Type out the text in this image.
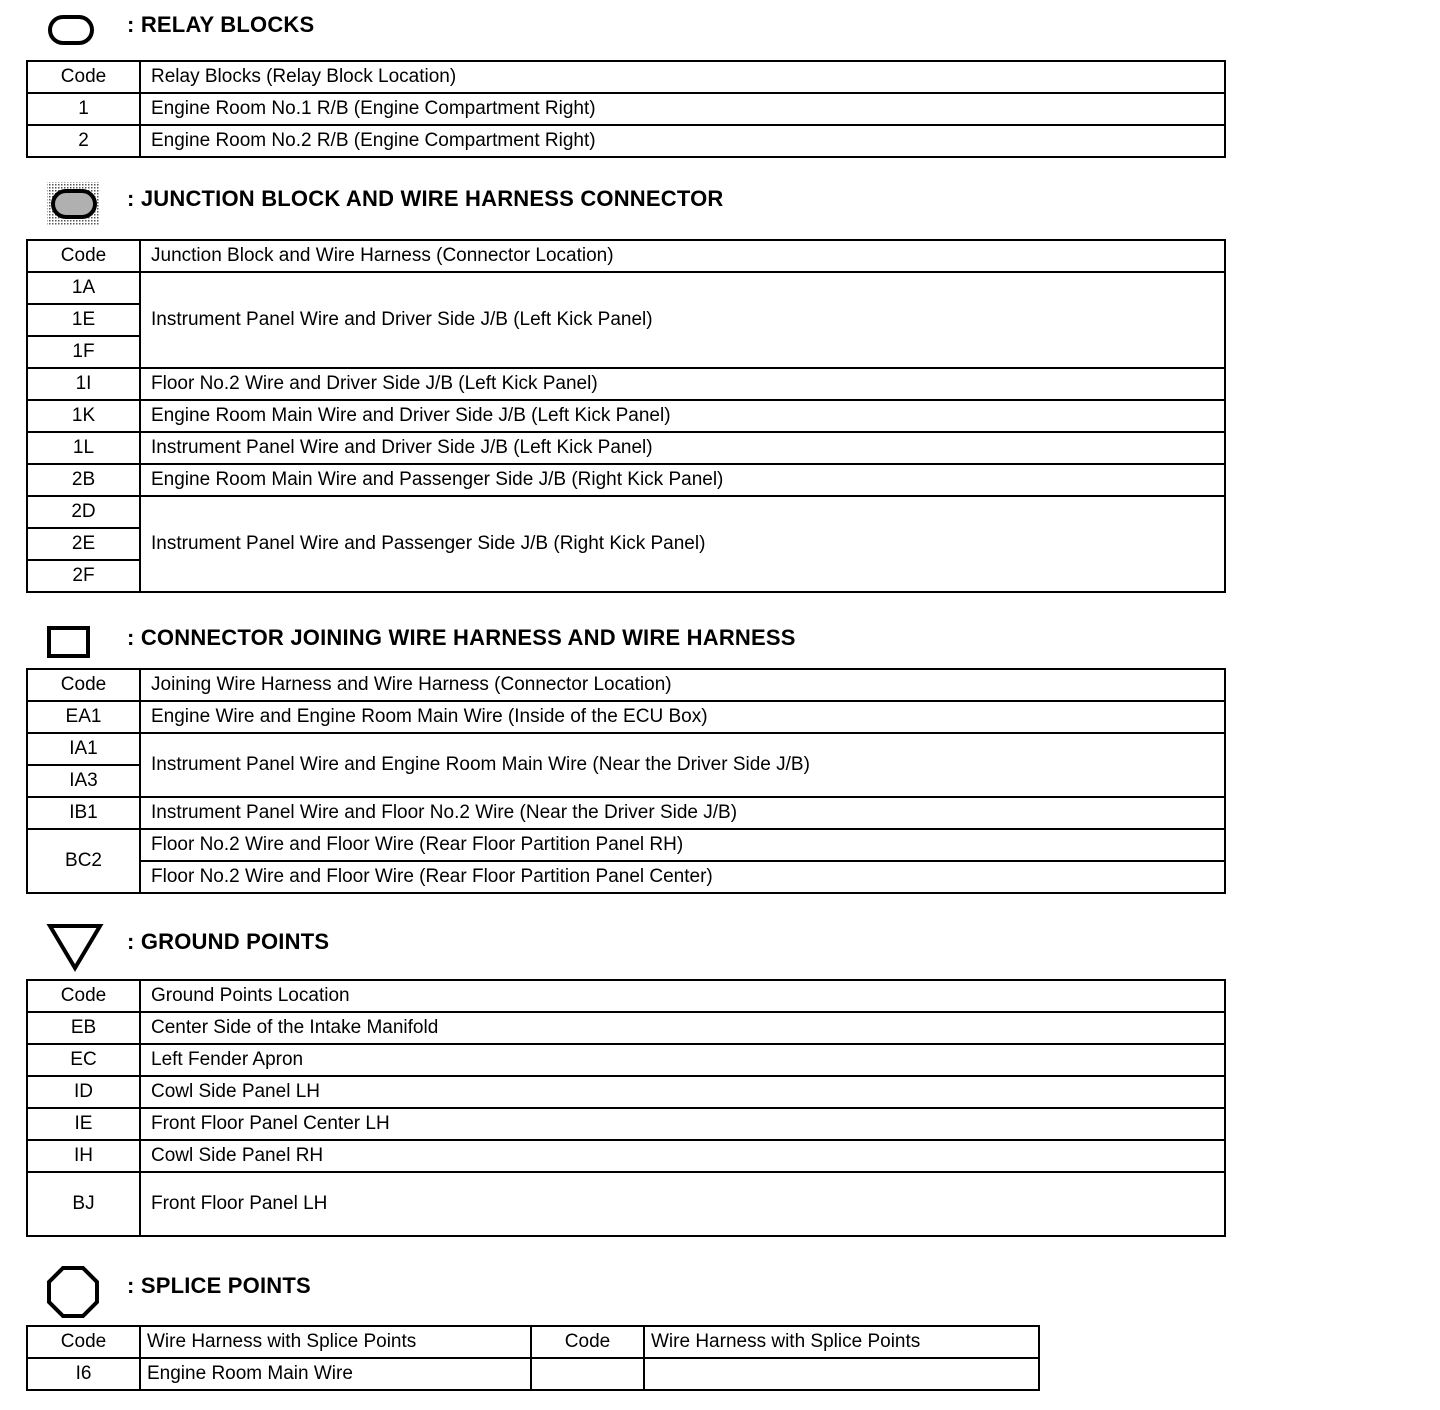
: RELAY BLOCKS
Code	Relay Blocks (Relay Block Location)
1	Engine Room No.1 R/B (Engine Compartment Right)
2	Engine Room No.2 R/B (Engine Compartment Right)
: JUNCTION BLOCK AND WIRE HARNESS CONNECTOR
Code	Junction Block and Wire Harness (Connector Location)
1A	Instrument Panel Wire and Driver Side J/B (Left Kick Panel)
1E	
1F	
1I	Floor No.2 Wire and Driver Side J/B (Left Kick Panel)
1K	Engine Room Main Wire and Driver Side J/B (Left Kick Panel)
1L	Instrument Panel Wire and Driver Side J/B (Left Kick Panel)
2B	Engine Room Main Wire and Passenger Side J/B (Right Kick Panel)
2D	Instrument Panel Wire and Passenger Side J/B (Right Kick Panel)
2E	
2F	
: CONNECTOR JOINING WIRE HARNESS AND WIRE HARNESS
Code	Joining Wire Harness and Wire Harness (Connector Location)
EA1	Engine Wire and Engine Room Main Wire (Inside of the ECU Box)
IA1	Instrument Panel Wire and Engine Room Main Wire (Near the Driver Side J/B)
IA3	
IB1	Instrument Panel Wire and Floor No.2 Wire (Near the Driver Side J/B)
BC2	Floor No.2 Wire and Floor Wire (Rear Floor Partition Panel RH)
	Floor No.2 Wire and Floor Wire (Rear Floor Partition Panel Center)
: GROUND POINTS
Code	Ground Points Location
EB	Center Side of the Intake Manifold
EC	Left Fender Apron
ID	Cowl Side Panel LH
IE	Front Floor Panel Center LH
IH	Cowl Side Panel RH
BJ	Front Floor Panel LH
: SPLICE POINTS
Code	Wire Harness with Splice Points	Code	Wire Harness with Splice Points
I6	Engine Room Main Wire		
